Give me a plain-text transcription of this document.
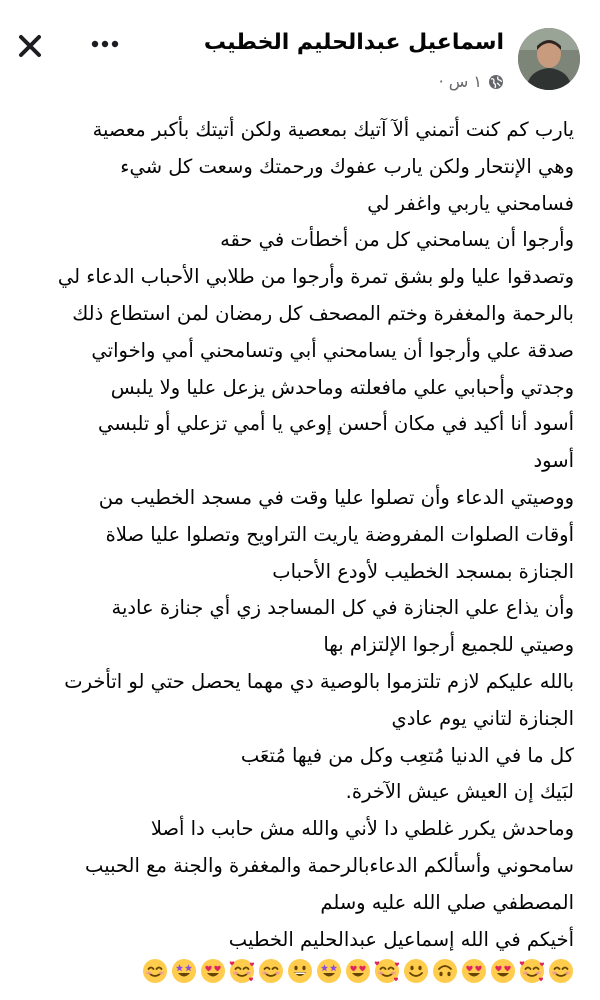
اسماعيل عبدالحليم الخطيب
١ س ·
يارب كم كنت أتمني ألآ آتيك بمعصية ولكن أتيتك بأكبر معصية
وهي الإنتحار ولكن يارب عفوك ورحمتك وسعت كل شيء
فسامحني ياربي واغفر لي
وأرجوا أن يسامحني كل من أخطأت في حقه
وتصدقوا عليا ولو بشق تمرة وأرجوا من طلابي الأحباب الدعاء لي
بالرحمة والمغفرة وختم المصحف كل رمضان لمن استطاع ذلك
صدقة علي وأرجوا أن يسامحني أبي وتسامحني أمي واخواتي
وجدتي وأحبابي علي مافعلته وماحدش يزعل عليا ولا يلبس
أسود أنا أكيد في مكان أحسن إوعي يا أمي تزعلي أو تلبسي
أسود
ووصيتي الدعاء وأن تصلوا عليا وقت في مسجد الخطيب من
أوقات الصلوات المفروضة ياريت التراويح وتصلوا عليا صلاة
الجنازة بمسجد الخطيب لأودع الأحباب
وأن يذاع علي الجنازة في كل المساجد زي أي جنازة عادية
وصيتي للجميع أرجوا الإلتزام بها
بالله عليكم لازم تلتزموا بالوصية دي مهما يحصل حتي لو اتأخرت
الجنازة لتاني يوم عادي
كل ما في الدنيا مُتعِب وكل من فيها مُتعَب
لبَيك إن العيش عيش الآخرة.
وماحدش يكرر غلطي دا لأني والله مش حابب دا أصلا
سامحوني وأسألكم الدعاءبالرحمة والمغفرة والجنة مع الحبيب
المصطفي صلي الله عليه وسلم
أخيكم في الله إسماعيل عبدالحليم الخطيب
